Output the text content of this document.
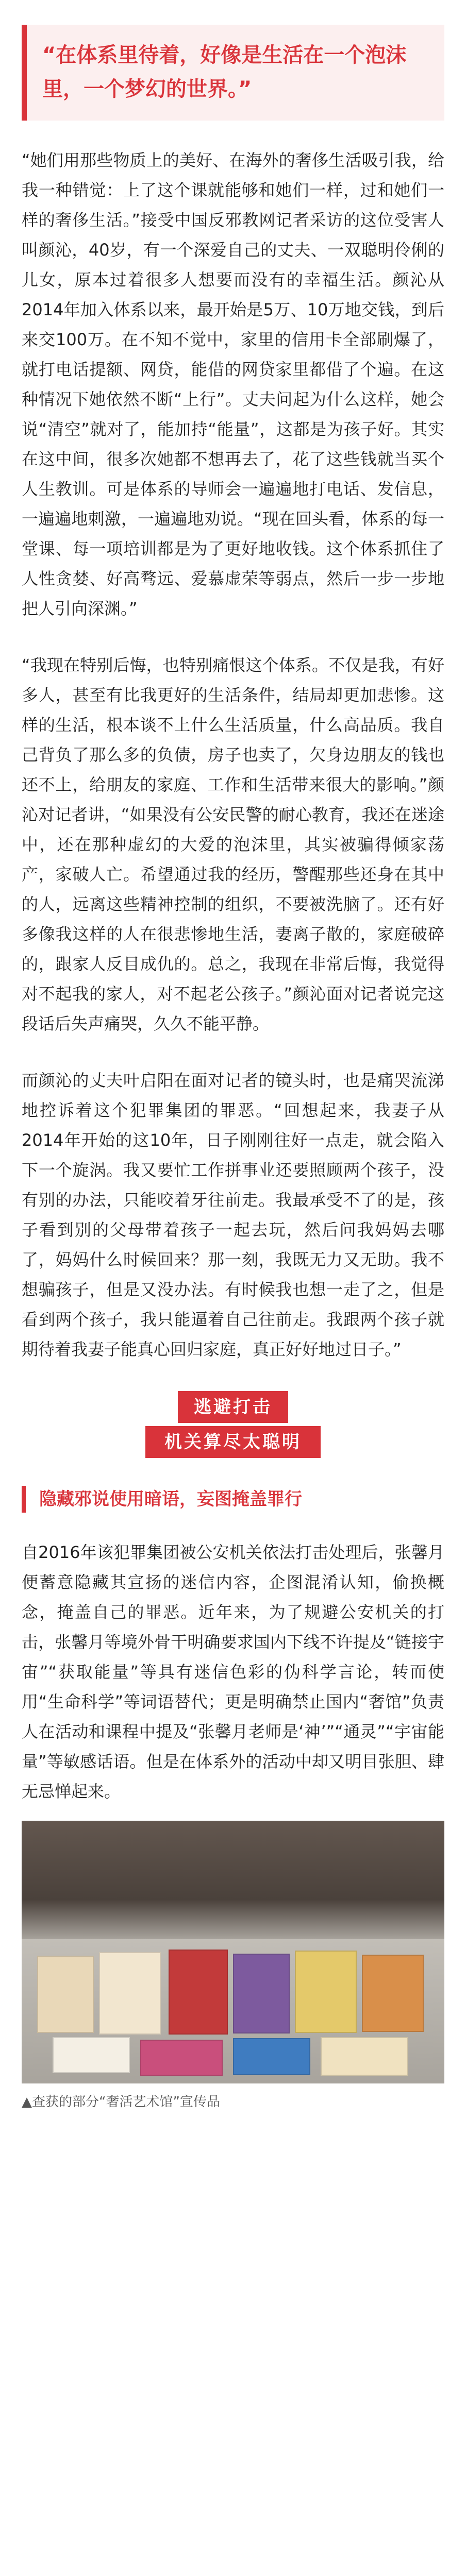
“在体系里待着，好像是生活在一个泡沫里，一个梦幻的世界。”

“她们用那些物质上的美好、在海外的奢侈生活吸引我，给我一种错觉：上了这个课就能够和她们一样，过和她们一样的奢侈生活。”接受中国反邪教网记者采访的这位受害人叫颜沁，40岁，有一个深爱自己的丈夫、一双聪明伶俐的儿女，原本过着很多人想要而没有的幸福生活。颜沁从2014年加入体系以来，最开始是5万、10万地交钱，到后来交100万。在不知不觉中，家里的信用卡全部刷爆了，就打电话提额、网贷，能借的网贷家里都借了个遍。在这种情况下她依然不断“上行”。丈夫问起为什么这样，她会说“清空”就对了，能加持“能量”，这都是为孩子好。其实在这中间，很多次她都不想再去了，花了这些钱就当买个人生教训。可是体系的导师会一遍遍地打电话、发信息，一遍遍地刺激，一遍遍地劝说。“现在回头看，体系的每一堂课、每一项培训都是为了更好地收钱。这个体系抓住了人性贪婪、好高骛远、爱慕虚荣等弱点，然后一步一步地把人引向深渊。”

“我现在特别后悔，也特别痛恨这个体系。不仅是我，有好多人，甚至有比我更好的生活条件，结局却更加悲惨。这样的生活，根本谈不上什么生活质量，什么高品质。我自己背负了那么多的负债，房子也卖了，欠身边朋友的钱也还不上，给朋友的家庭、工作和生活带来很大的影响。”颜沁对记者讲，“如果没有公安民警的耐心教育，我还在迷途中，还在那种虚幻的大爱的泡沫里，其实被骗得倾家荡产，家破人亡。希望通过我的经历，警醒那些还身在其中的人，远离这些精神控制的组织，不要被洗脑了。还有好多像我这样的人在很悲惨地生活，妻离子散的，家庭破碎的，跟家人反目成仇的。总之，我现在非常后悔，我觉得对不起我的家人，对不起老公孩子。”颜沁面对记者说完这段话后失声痛哭，久久不能平静。

而颜沁的丈夫叶启阳在面对记者的镜头时，也是痛哭流涕地控诉着这个犯罪集团的罪恶。“回想起来，我妻子从2014年开始的这10年，日子刚刚往好一点走，就会陷入下一个旋涡。我又要忙工作拼事业还要照顾两个孩子，没有别的办法，只能咬着牙往前走。我最承受不了的是，孩子看到别的父母带着孩子一起去玩，然后问我妈妈去哪了，妈妈什么时候回来？那一刻，我既无力又无助。我不想骗孩子，但是又没办法。有时候我也想一走了之，但是看到两个孩子，我只能逼着自己往前走。我跟两个孩子就期待着我妻子能真心回归家庭，真正好好地过日子。”

逃避打击
机关算尽太聪明
隐藏邪说使用暗语，妄图掩盖罪行

自2016年该犯罪集团被公安机关依法打击处理后，张馨月便蓄意隐藏其宣扬的迷信内容，企图混淆认知，偷换概念，掩盖自己的罪恶。近年来，为了规避公安机关的打击，张馨月等境外骨干明确要求国内下线不许提及“链接宇宙”“获取能量”等具有迷信色彩的伪科学言论，转而使用“生命科学”等词语替代；更是明确禁止国内“奢馆”负责人在活动和课程中提及“张馨月老师是‘神’”“通灵”“宇宙能量”等敏感话语。但是在体系外的活动中却又明目张胆、肆无忌惮起来。

▲查获的部分“奢活艺术馆”宣传品
